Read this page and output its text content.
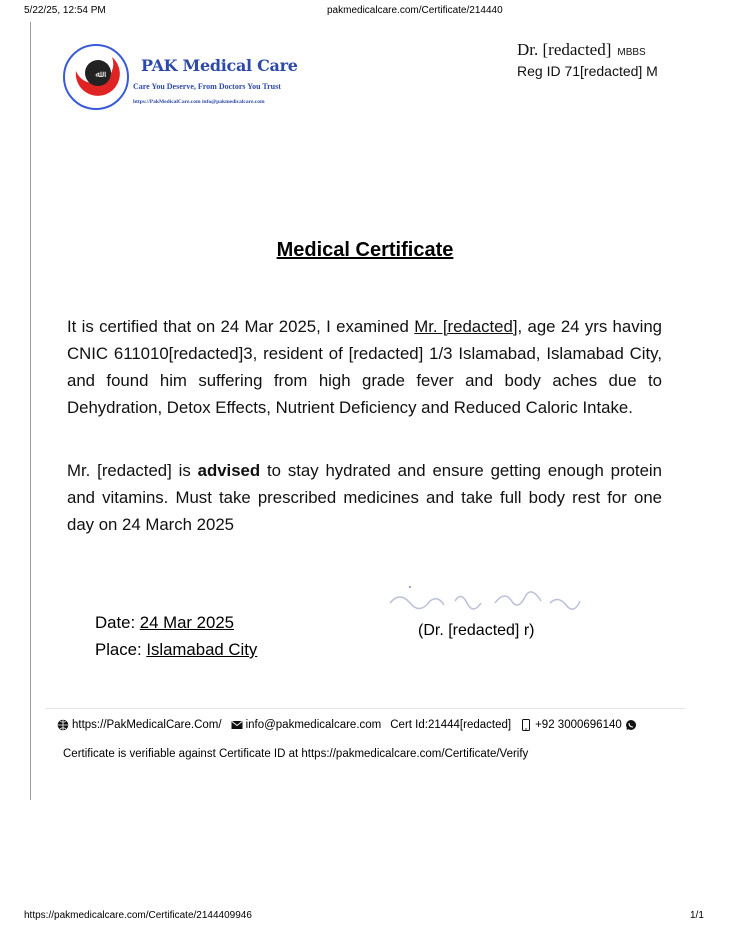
5/22/25, 12:54 PM	pakmedicalcare.com/Certificate/214440
ﷲ	PAK Medical Care
Care You Deserve, From Doctors You Trust
https://PakMedicalCare.com info@pakmedicalcare.com
Dr. [redacted] MBBS
Reg ID 71[redacted] M
Medical Certificate
It is certified that on 24 Mar 2025, I examined Mr. [redacted], age 24 yrs having CNIC 611010[redacted]3, resident of [redacted] 1/3 Islamabad, Islamabad City, and found him suffering from high grade fever and body aches due to Dehydration, Detox Effects, Nutrient Deficiency and Reduced Caloric Intake.
Mr. [redacted] is advised to stay hydrated and ensure getting enough protein and vitamins. Must take prescribed medicines and take full body rest for one day on 24 March 2025
(Dr. [redacted] r)
Date: 24 Mar 2025
Place: Islamabad City
https://PakMedicalCare.Com/ info@pakmedicalcare.com Cert Id:21444[redacted] +92 3000696140
Certificate is verifiable against Certificate ID at https://pakmedicalcare.com/Certificate/Verify
https://pakmedicalcare.com/Certificate/2144409946	1/1
